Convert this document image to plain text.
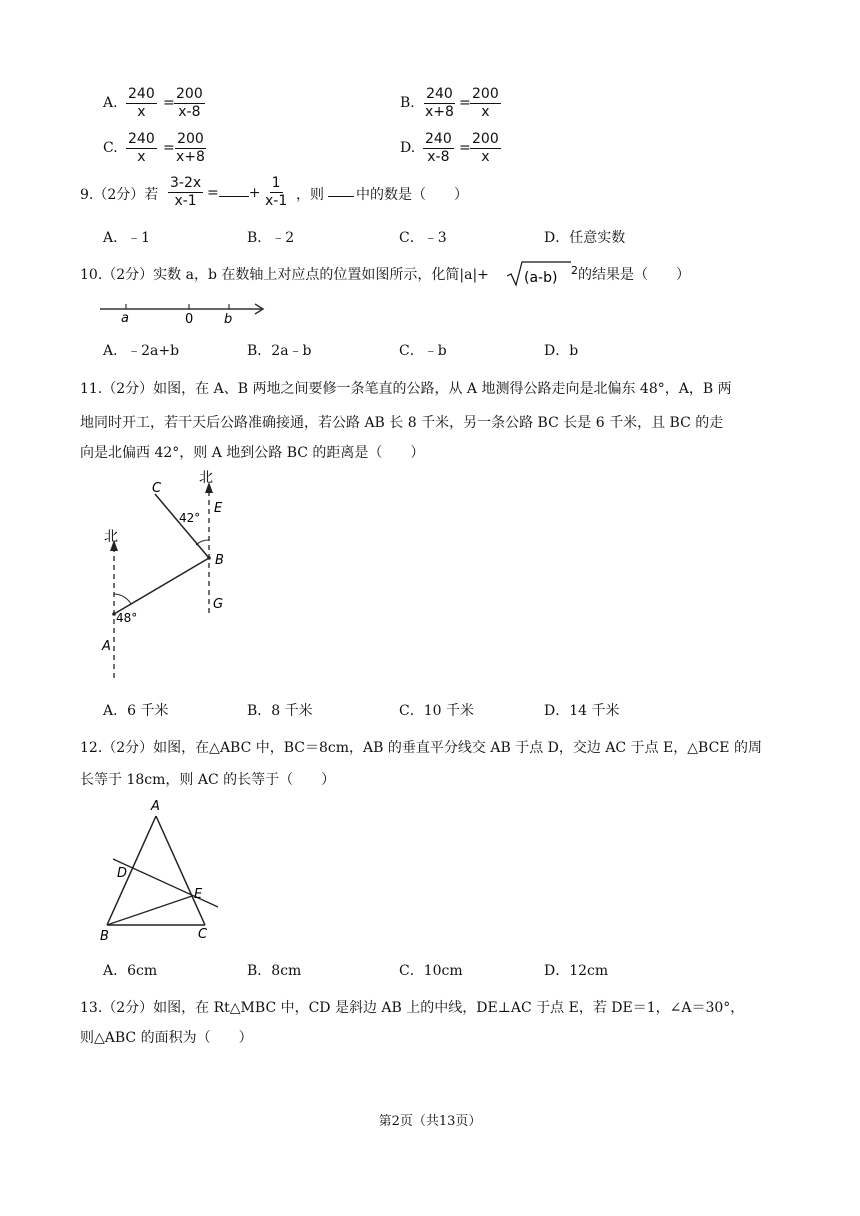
A. $\frac{240}{x} = \frac{200}{x-8}$	B. $\frac{240}{x+8} = \frac{200}{x}$
C. $\frac{240}{x} = \frac{200}{x+8}$	D. $\frac{240}{x-8} = \frac{200}{x}$
9.（2分）若 $\frac{3-2x}{x-1}$ = + $\frac{1}{x-1}$ ，则 中的数是（　　）
A．﹣1	B．﹣2	C．﹣3	D．任意实数
10.（2分）实数 a，b 在数轴上对应点的位置如图所示，化简|a|+	(a-b) 2 的结果是（　　）
a	0 b
A．﹣2a+b	B．2a﹣b	C．﹣b	D．b
11.（2分）如图，在 A、B 两地之间要修一条笔直的公路，从 A 地测得公路走向是北偏东 48°，A，B 两
地同时开工，若干天后公路准确接通，若公路 AB 长 8 千米，另一条公路 BC 长是 6 千米，且 BC 的走
向是北偏西 42°，则 A 地到公路 BC 的距离是（　　）
北
北
C
E
B
G
A
42°
48°
A．6 千米	B．8 千米	C．10 千米	D．14 千米
12.（2分）如图，在△ABC 中，BC＝8cm，AB 的垂直平分线交 AB 于点 D，交边 AC 于点 E，△BCE 的周
长等于 18cm，则 AC 的长等于（　　）
A
B	C
D
E
A．6cm	B．8cm	C．10cm	D．12cm
13.（2分）如图，在 Rt△MBC 中，CD 是斜边 AB 上的中线，DE⊥AC 于点 E，若 DE＝1，∠A＝30°，
则△ABC 的面积为（　　）
第2页（共13页）
